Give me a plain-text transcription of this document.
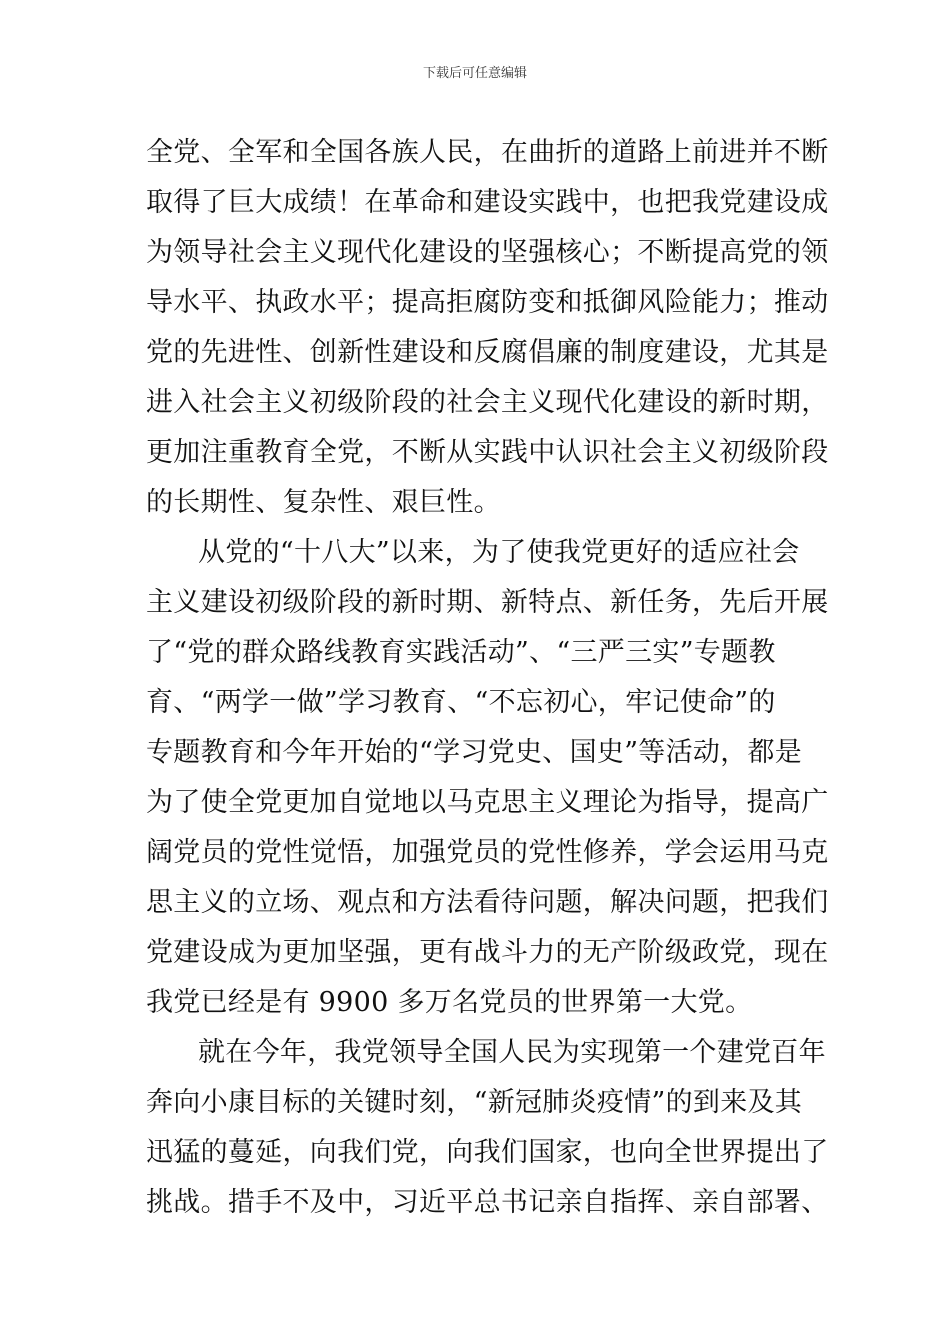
下载后可任意编辑
全党、全军和全国各族人民，在曲折的道路上前进并不断
取得了巨大成绩！在革命和建设实践中，也把我党建设成
为领导社会主义现代化建设的坚强核心；不断提高党的领
导水平、执政水平；提高拒腐防变和抵御风险能力；推动
党的先进性、创新性建设和反腐倡廉的制度建设，尤其是
进入社会主义初级阶段的社会主义现代化建设的新时期，
更加注重教育全党，不断从实践中认识社会主义初级阶段
的长期性、复杂性、艰巨性。
从党的“十八大”以来，为了使我党更好的适应社会
主义建设初级阶段的新时期、新特点、新任务，先后开展
了“党的群众路线教育实践活动”、“三严三实”专题教
育、“两学一做”学习教育、“不忘初心，牢记使命”的
专题教育和今年开始的“学习党史、国史”等活动，都是
为了使全党更加自觉地以马克思主义理论为指导，提高广
阔党员的党性觉悟，加强党员的党性修养，学会运用马克
思主义的立场、观点和方法看待问题，解决问题，把我们
党建设成为更加坚强，更有战斗力的无产阶级政党，现在
我党已经是有 9900 多万名党员的世界第一大党。
就在今年，我党领导全国人民为实现第一个建党百年
奔向小康目标的关键时刻，“新冠肺炎疫情”的到来及其
迅猛的蔓延，向我们党，向我们国家，也向全世界提出了
挑战。措手不及中，习近平总书记亲自指挥、亲自部署、
